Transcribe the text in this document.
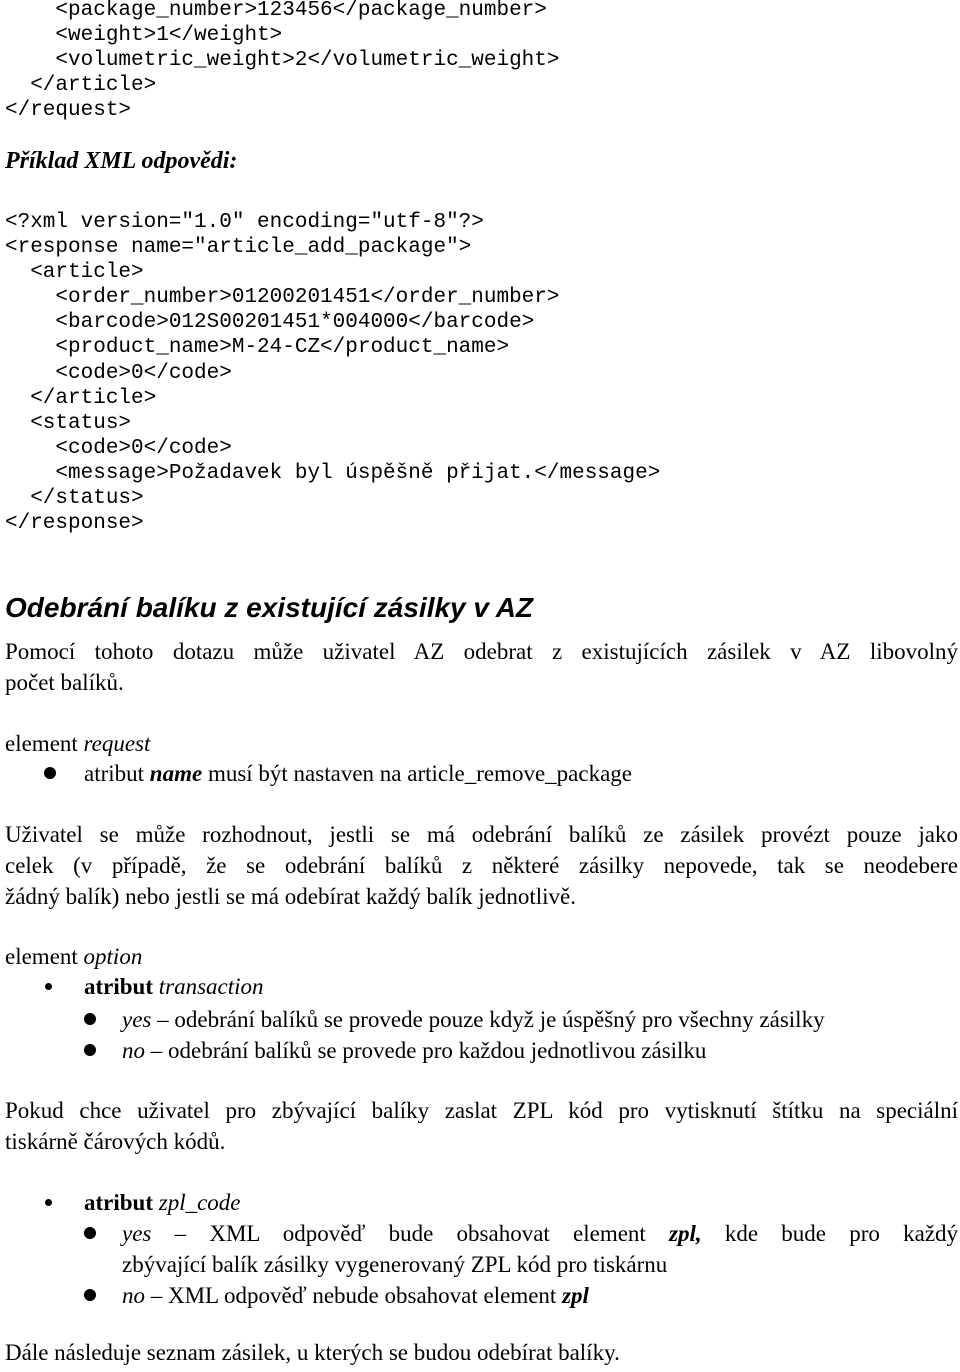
<package_number>123456</package_number>
<weight>1</weight>
<volumetric_weight>2</volumetric_weight>
</article>
</request>
Příklad XML odpovědi:
<?xml version="1.0" encoding="utf-8"?>
<response name="article_add_package">
<article>
<order_number>01200201451</order_number>
<barcode>012S00201451*004000</barcode>
<product_name>M-24-CZ</product_name>
<code>0</code>
</article>
<status>
<code>0</code>
<message>Požadavek byl úspěšně přijat.</message>
</status>
</response>
Odebrání balíku z existující zásilky v AZ
Pomocí tohoto dotazu může uživatel AZ odebrat z existujících zásilek v AZ libovolný
počet balíků.
element request
atribut name musí být nastaven na article_remove_package
Uživatel se může rozhodnout, jestli se má odebrání balíků ze zásilek provézt pouze jako
celek (v případě, že se odebrání balíků z některé zásilky nepovede, tak se neodebere
žádný balík) nebo jestli se má odebírat každý balík jednotlivě.
element option
atribut transaction
yes – odebrání balíků se provede pouze když je úspěšný pro všechny zásilky
no – odebrání balíků se provede pro každou jednotlivou zásilku
Pokud chce uživatel pro zbývající balíky zaslat ZPL kód pro vytisknutí štítku na speciální
tiskárně čárových kódů.
atribut zpl_code
yes – XML odpověď bude obsahovat element zpl, kde bude pro každý
zbývající balík zásilky vygenerovaný ZPL kód pro tiskárnu
no – XML odpověď nebude obsahovat element zpl
Dále následuje seznam zásilek, u kterých se budou odebírat balíky.
